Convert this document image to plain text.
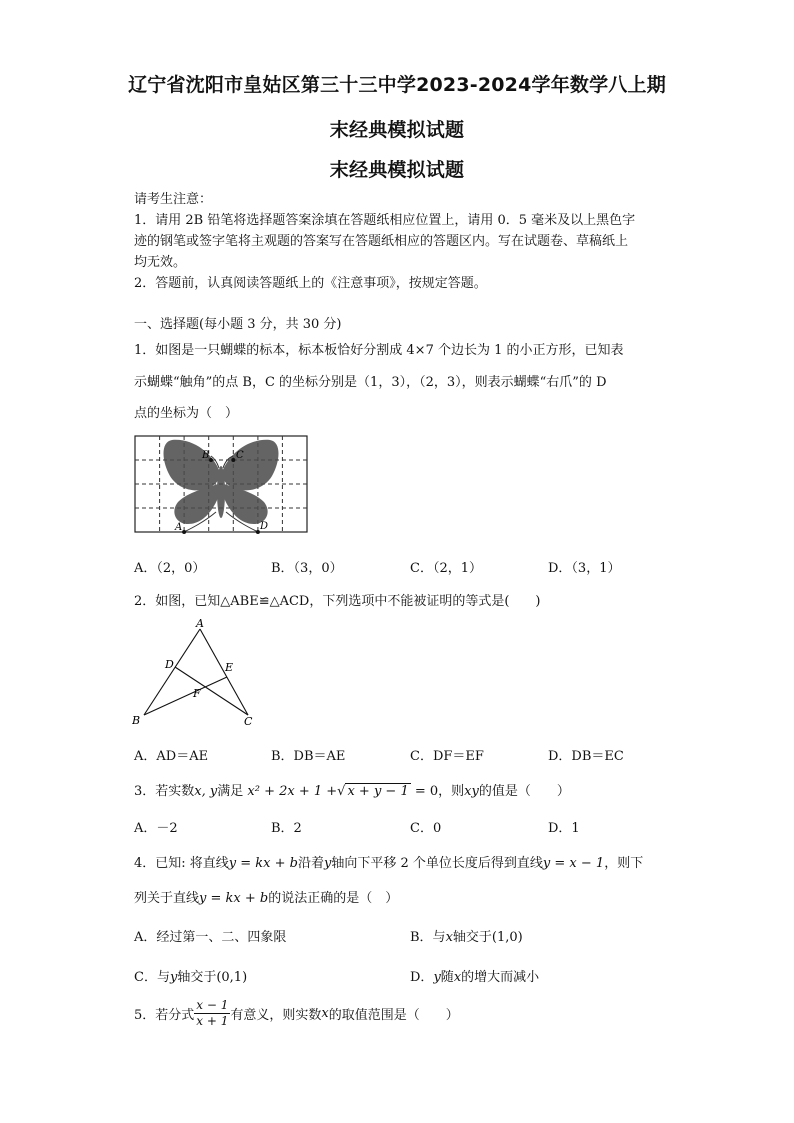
辽宁省沈阳市皇姑区第三十三中学2023-2024学年数学八上期
末经典模拟试题
末经典模拟试题
请考生注意：
1．请用 2B 铅笔将选择题答案涂填在答题纸相应位置上，请用 0．5 毫米及以上黑色字
迹的钢笔或签字笔将主观题的答案写在答题纸相应的答题区内。写在试题卷、草稿纸上
均无效。
2．答题前，认真阅读答题纸上的《注意事项》，按规定答题。
一、选择题(每小题 3 分，共 30 分)
1．如图是一只蝴蝶的标本，标本板恰好分割成 4×7 个边长为 1 的小正方形，已知表
示蝴蝶“触角”的点 B，C 的坐标分别是（1，3），（2，3），则表示蝴蝶“右爪”的 D
点的坐标为（　）
B	C
A	D
A．（2，0）	B．（3，0）	C．（2，1）	D．（3，1）
2．如图，已知△ABE≌△ACD，下列选项中不能被证明的等式是(　　)
A
D	E
F
B	C
A．AD＝AE	B．DB＝AE	C．DF＝EF	D．DB＝EC
3．若实数x, y满足 x² + 2x + 1 +√ x + y − 1 = 0，则xy的值是（　　）
A．－2	B．2	C．0	D．1
4．已知: 将直线y = kx + b沿着y轴向下平移 2 个单位长度后得到直线y = x − 1，则下
列关于直线y = kx + b的说法正确的是（　）
A．经过第一、二、四象限	B．与x轴交于(1,0)
C．与y轴交于(0,1)	D．y随x的增大而减小
5．若分式 $\frac{x - 1}{x + 1}$ 有意义，则实数x的取值范围是（　　）
